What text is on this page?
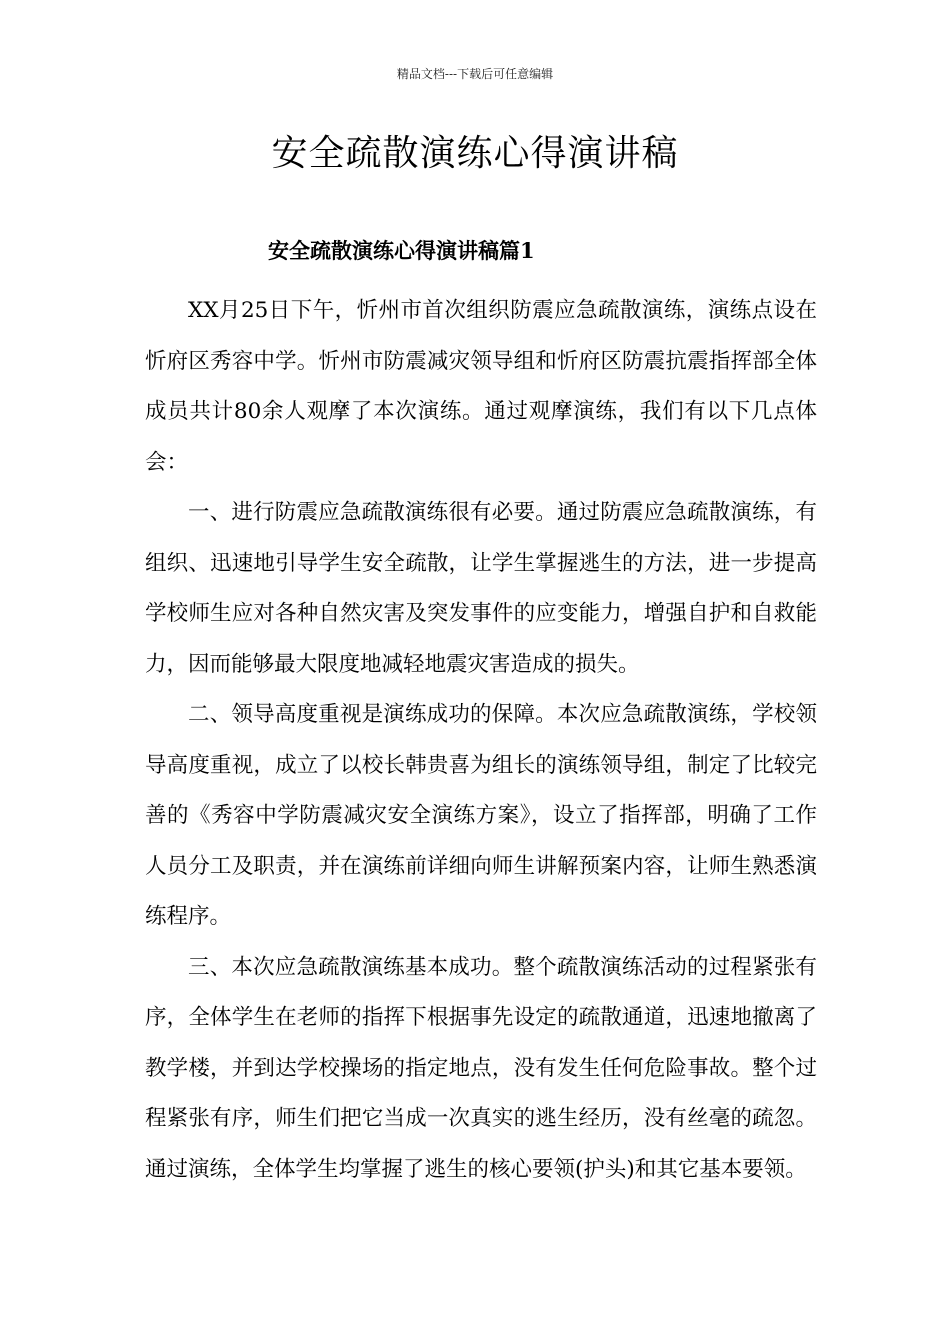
精品文档---下载后可任意编辑
安全疏散演练心得演讲稿
安全疏散演练心得演讲稿篇1

XX月25日下午，忻州市首次组织防震应急疏散演练，演练点设在忻府区秀容中学。忻州市防震减灾领导组和忻府区防震抗震指挥部全体成员共计80余人观摩了本次演练。通过观摩演练，我们有以下几点体会：

一、进行防震应急疏散演练很有必要。通过防震应急疏散演练，有组织、迅速地引导学生安全疏散，让学生掌握逃生的方法，进一步提高学校师生应对各种自然灾害及突发事件的应变能力，增强自护和自救能力，因而能够最大限度地减轻地震灾害造成的损失。

二、领导高度重视是演练成功的保障。本次应急疏散演练，学校领导高度重视，成立了以校长韩贵喜为组长的演练领导组，制定了比较完善的《秀容中学防震减灾安全演练方案》，设立了指挥部，明确了工作人员分工及职责，并在演练前详细向师生讲解预案内容，让师生熟悉演练程序。

三、本次应急疏散演练基本成功。整个疏散演练活动的过程紧张有序，全体学生在老师的指挥下根据事先设定的疏散通道，迅速地撤离了教学楼，并到达学校操场的指定地点，没有发生任何危险事故。整个过程紧张有序，师生们把它当成一次真实的逃生经历，没有丝毫的疏忽。通过演练，全体学生均掌握了逃生的核心要领(护头)和其它基本要领。
